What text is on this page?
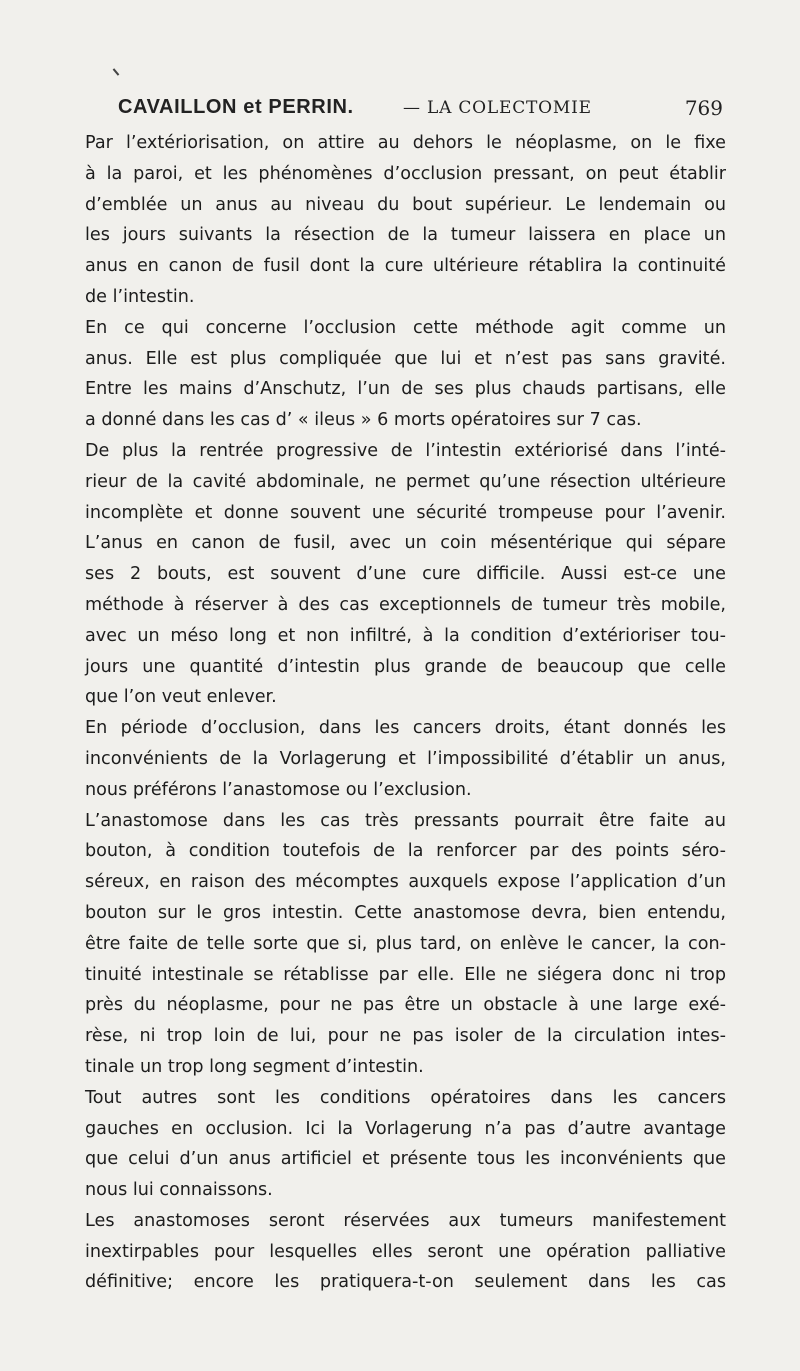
CAVAILLON et PERRIN.	— LA COLECTOMIE	769
Par l’extériorisation, on attire au dehors le néoplasme, on le fixe
à la paroi, et les phénomènes d’occlusion pressant, on peut établir
d’emblée un anus au niveau du bout supérieur. Le lendemain ou
les jours suivants la résection de la tumeur laissera en place un
anus en canon de fusil dont la cure ultérieure rétablira la continuité
de l’intestin.
En ce qui concerne l’occlusion cette méthode agit comme un
anus. Elle est plus compliquée que lui et n’est pas sans gravité.
Entre les mains d’Anschutz, l’un de ses plus chauds partisans, elle
a donné dans les cas d’ « ileus » 6 morts opératoires sur 7 cas.
De plus la rentrée progressive de l’intestin extériorisé dans l’inté-
rieur de la cavité abdominale, ne permet qu’une résection ultérieure
incomplète et donne souvent une sécurité trompeuse pour l’avenir.
L’anus en canon de fusil, avec un coin mésentérique qui sépare
ses 2 bouts, est souvent d’une cure difficile. Aussi est-ce une
méthode à réserver à des cas exceptionnels de tumeur très mobile,
avec un méso long et non infiltré, à la condition d’extérioriser tou-
jours une quantité d’intestin plus grande de beaucoup que celle
que l’on veut enlever.
En période d’occlusion, dans les cancers droits, étant donnés les
inconvénients de la Vorlagerung et l’impossibilité d’établir un anus,
nous préférons l’anastomose ou l’exclusion.
L’anastomose dans les cas très pressants pourrait être faite au
bouton, à condition toutefois de la renforcer par des points séro-
séreux, en raison des mécomptes auxquels expose l’application d’un
bouton sur le gros intestin. Cette anastomose devra, bien entendu,
être faite de telle sorte que si, plus tard, on enlève le cancer, la con-
tinuité intestinale se rétablisse par elle. Elle ne siégera donc ni trop
près du néoplasme, pour ne pas être un obstacle à une large exé-
rèse, ni trop loin de lui, pour ne pas isoler de la circulation intes-
tinale un trop long segment d’intestin.
Tout autres sont les conditions opératoires dans les cancers
gauches en occlusion. Ici la Vorlagerung n’a pas d’autre avantage
que celui d’un anus artificiel et présente tous les inconvénients que
nous lui connaissons.
Les anastomoses seront réservées aux tumeurs manifestement
inextirpables pour lesquelles elles seront une opération palliative
définitive; encore les pratiquera-t-on seulement dans les cas
